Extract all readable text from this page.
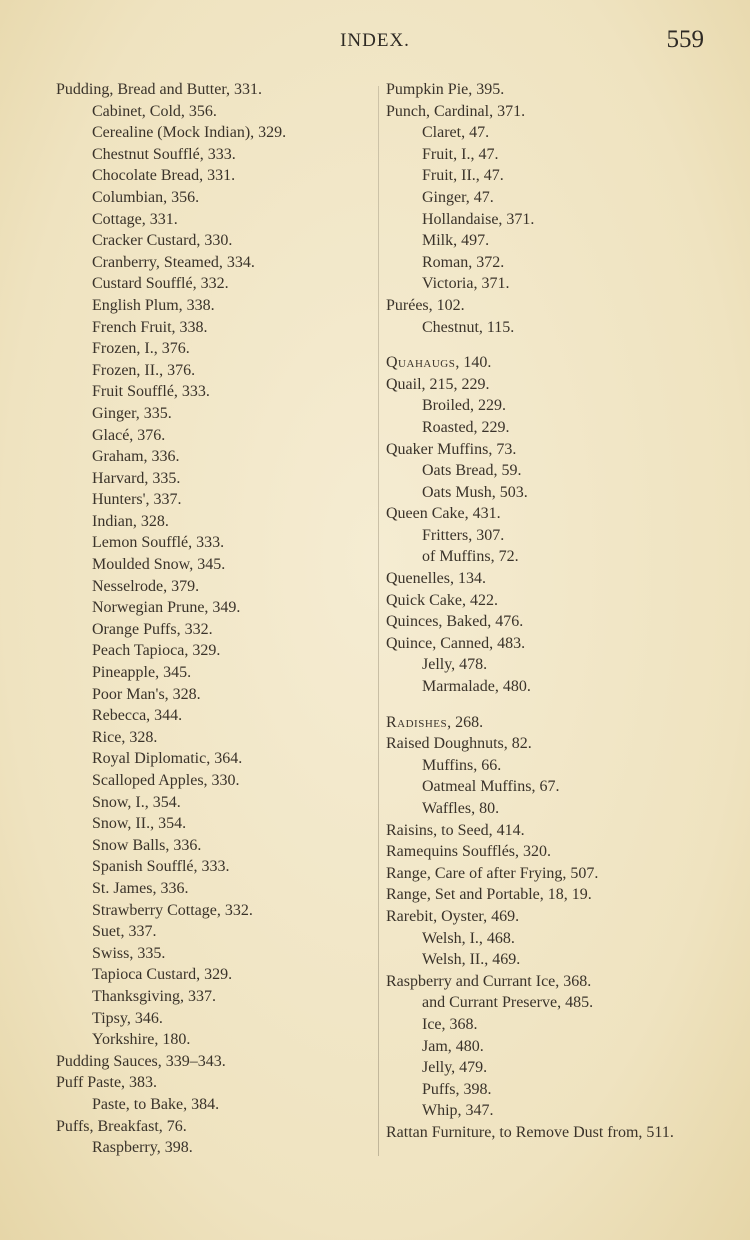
INDEX.	559
Pudding, Bread and Butter, 331.
Cabinet, Cold, 356.
Cerealine (Mock Indian), 329.
Chestnut Soufflé, 333.
Chocolate Bread, 331.
Columbian, 356.
Cottage, 331.
Cracker Custard, 330.
Cranberry, Steamed, 334.
Custard Soufflé, 332.
English Plum, 338.
French Fruit, 338.
Frozen, I., 376.
Frozen, II., 376.
Fruit Soufflé, 333.
Ginger, 335.
Glacé, 376.
Graham, 336.
Harvard, 335.
Hunters', 337.
Indian, 328.
Lemon Soufflé, 333.
Moulded Snow, 345.
Nesselrode, 379.
Norwegian Prune, 349.
Orange Puffs, 332.
Peach Tapioca, 329.
Pineapple, 345.
Poor Man's, 328.
Rebecca, 344.
Rice, 328.
Royal Diplomatic, 364.
Scalloped Apples, 330.
Snow, I., 354.
Snow, II., 354.
Snow Balls, 336.
Spanish Soufflé, 333.
St. James, 336.
Strawberry Cottage, 332.
Suet, 337.
Swiss, 335.
Tapioca Custard, 329.
Thanksgiving, 337.
Tipsy, 346.
Yorkshire, 180.
Pudding Sauces, 339–343.
Puff Paste, 383.
Paste, to Bake, 384.
Puffs, Breakfast, 76.
Raspberry, 398.
Pumpkin Pie, 395.
Punch, Cardinal, 371.
Claret, 47.
Fruit, I., 47.
Fruit, II., 47.
Ginger, 47.
Hollandaise, 371.
Milk, 497.
Roman, 372.
Victoria, 371.
Purées, 102.
Chestnut, 115.
Quahaugs, 140.
Quail, 215, 229.
Broiled, 229.
Roasted, 229.
Quaker Muffins, 73.
Oats Bread, 59.
Oats Mush, 503.
Queen Cake, 431.
Fritters, 307.
of Muffins, 72.
Quenelles, 134.
Quick Cake, 422.
Quinces, Baked, 476.
Quince, Canned, 483.
Jelly, 478.
Marmalade, 480.
Radishes, 268.
Raised Doughnuts, 82.
Muffins, 66.
Oatmeal Muffins, 67.
Waffles, 80.
Raisins, to Seed, 414.
Ramequins Soufflés, 320.
Range, Care of after Frying, 507.
Range, Set and Portable, 18, 19.
Rarebit, Oyster, 469.
Welsh, I., 468.
Welsh, II., 469.
Raspberry and Currant Ice, 368.
and Currant Preserve, 485.
Ice, 368.
Jam, 480.
Jelly, 479.
Puffs, 398.
Whip, 347.
Rattan Furniture, to Remove Dust from, 511.
